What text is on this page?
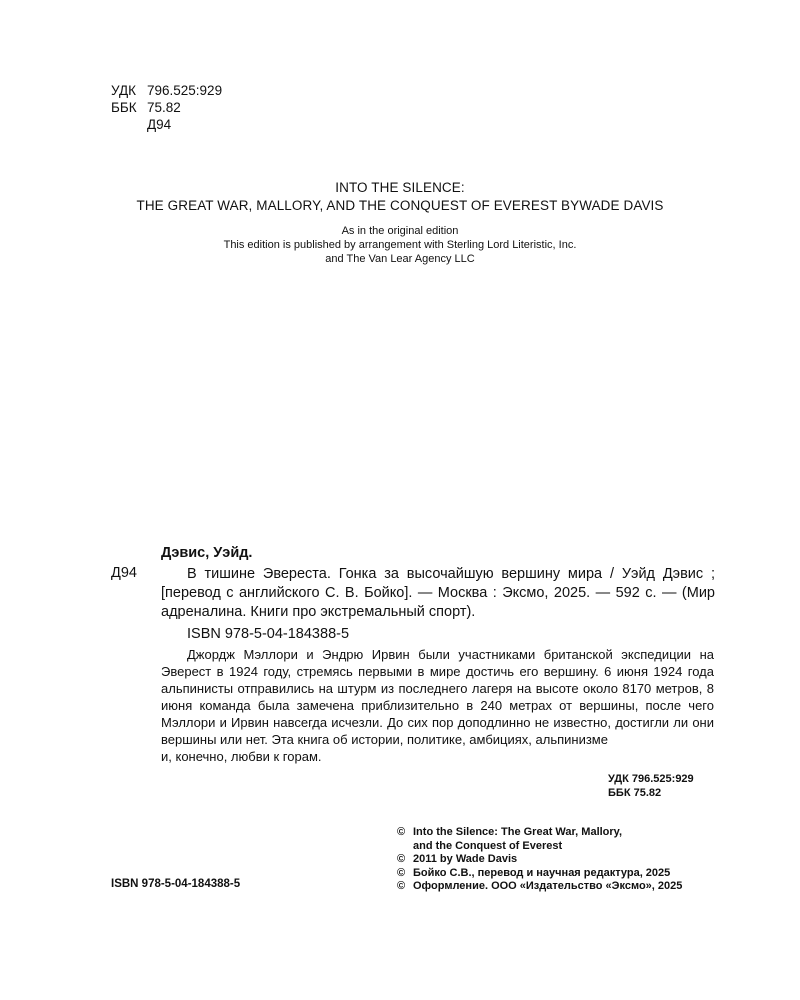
УДК 796.525:929
ББК 75.82
Д94
INTO THE SILENCE:
THE GREAT WAR, MALLORY, AND THE CONQUEST OF EVEREST BYWADE DAVIS
As in the original edition
This edition is published by arrangement with Sterling Lord Literistic, Inc.
and The Van Lear Agency LLC
Дэвис, Уэйд.
Д94	В тишине Эвереста. Гонка за высочайшую вершину мира / Уэйд Дэвис ; [перевод с английского С. В. Бойко]. — Москва : Эксмо, 2025. — 592 с. — (Мир адреналина. Книги про экстремальный спорт).
ISBN 978-5-04-184388-5
Джордж Мэллори и Эндрю Ирвин были участниками британской экспедиции на Эверест в 1924 году, стремясь первыми в мире достичь его вершину. 6 июня 1924 года альпинисты отправились на штурм из последнего лагеря на высоте около 8170 метров, 8 июня команда была замечена приблизительно в 240 метрах от вершины, после чего Мэллори и Ирвин навсегда исчезли. До сих пор доподлинно не известно, достигли ли они вершины или нет. Эта книга об истории, политике, амбициях, альпинизме
и, конечно, любви к горам.
УДК 796.525:929
ББК 75.82
ISBN 978-5-04-184388-5
© Into the Silence: The Great War, Mallory,
and the Conquest of Everest
© 2011 by Wade Davis
© Бойко С.В., перевод и научная редактура, 2025
© Оформление. ООО «Издательство «Эксмо», 2025
